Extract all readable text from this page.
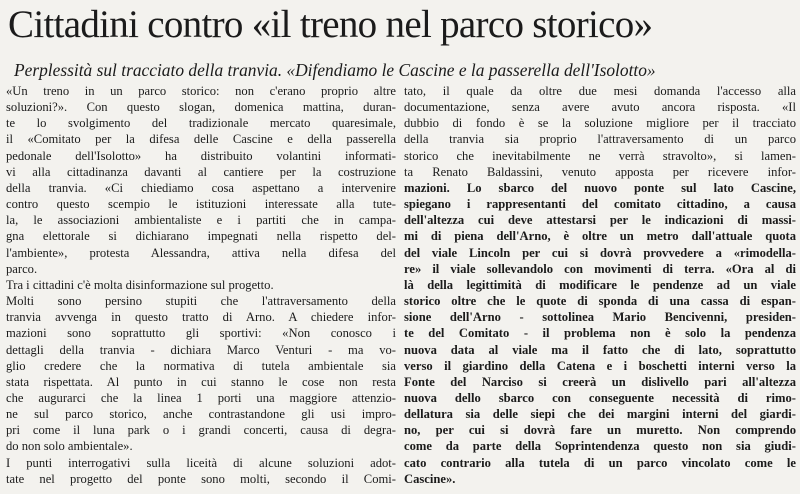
Cittadini contro «il treno nel parco storico»
Perplessità sul tracciato della tranvia. «Difendiamo le Cascine e la passerella dell'Isolotto»
«Un treno in un parco storico: non c'erano proprio altre
soluzioni?». Con questo slogan, domenica mattina, duran-
te lo svolgimento del tradizionale mercato quaresimale,
il «Comitato per la difesa delle Cascine e della passerella
pedonale dell'Isolotto» ha distribuito volantini informati-
vi alla cittadinanza davanti al cantiere per la costruzione
della tranvia. «Ci chiediamo cosa aspettano a intervenire
contro questo scempio le istituzioni interessate alla tute-
la, le associazioni ambientaliste e i partiti che in campa-
gna elettorale si dichiarano impegnati nella rispetto del-
l'ambiente», protesta Alessandra, attiva nella difesa del
parco.
Tra i cittadini c'è molta disinformazione sul progetto.
Molti sono persino stupiti che l'attraversamento della
tranvia avvenga in questo tratto di Arno. A chiedere infor-
mazioni sono soprattutto gli sportivi: «Non conosco i
dettagli della tranvia - dichiara Marco Venturi - ma vo-
glio credere che la normativa di tutela ambientale sia
stata rispettata. Al punto in cui stanno le cose non resta
che augurarci che la linea 1 porti una maggiore attenzio-
ne sul parco storico, anche contrastandone gli usi impro-
pri come il luna park o i grandi concerti, causa di degra-
do non solo ambientale».
I punti interrogativi sulla liceità di alcune soluzioni adot-
tate nel progetto del ponte sono molti, secondo il Comi-
tato, il quale da oltre due mesi domanda l'accesso alla
documentazione, senza avere avuto ancora risposta. «Il
dubbio di fondo è se la soluzione migliore per il tracciato
della tranvia sia proprio l'attraversamento di un parco
storico che inevitabilmente ne verrà stravolto», si lamen-
ta Renato Baldassini, venuto apposta per ricevere infor-
mazioni. Lo sbarco del nuovo ponte sul lato Cascine,
spiegano i rappresentanti del comitato cittadino, a causa
dell'altezza cui deve attestarsi per le indicazioni di massi-
mi di piena dell'Arno, è oltre un metro dall'attuale quota
del viale Lincoln per cui si dovrà provvedere a «rimodella-
re» il viale sollevandolo con movimenti di terra. «Ora al di
là della legittimità di modificare le pendenze ad un viale
storico oltre che le quote di sponda di una cassa di espan-
sione dell'Arno - sottolinea Mario Bencivenni, presiden-
te del Comitato - il problema non è solo la pendenza
nuova data al viale ma il fatto che di lato, soprattutto
verso il giardino della Catena e i boschetti interni verso la
Fonte del Narciso si creerà un dislivello pari all'altezza
nuova dello sbarco con conseguente necessità di rimo-
dellatura sia delle siepi che dei margini interni del giardi-
no, per cui si dovrà fare un muretto. Non comprendo
come da parte della Soprintendenza questo non sia giudi-
cato contrario alla tutela di un parco vincolato come le
Cascine».
